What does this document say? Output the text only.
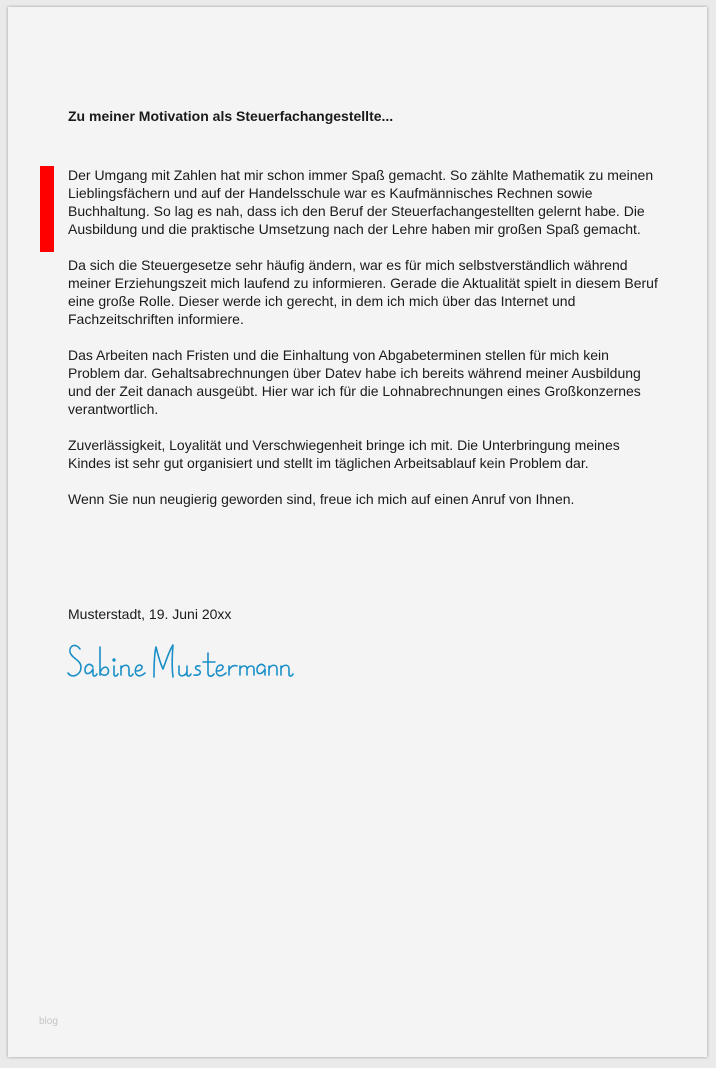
Zu meiner Motivation als Steuerfachangestellte...

Der Umgang mit Zahlen hat mir schon immer Spaß gemacht. So zählte Mathematik zu meinen Lieblingsfächern und auf der Handelsschule war es Kaufmännisches Rechnen sowie Buchhaltung. So lag es nah, dass ich den Beruf der Steuerfachangestellten gelernt habe. Die Ausbildung und die praktische Umsetzung nach der Lehre haben mir großen Spaß gemacht.

Da sich die Steuergesetze sehr häufig ändern, war es für mich selbstverständlich während meiner Erziehungszeit mich laufend zu informieren. Gerade die Aktualität spielt in diesem Beruf eine große Rolle. Dieser werde ich gerecht, in dem ich mich über das Internet und Fachzeitschriften informiere.

Das Arbeiten nach Fristen und die Einhaltung von Abgabeterminen stellen für mich kein Problem dar. Gehaltsabrechnungen über Datev habe ich bereits während meiner Ausbildung und der Zeit danach ausgeübt. Hier war ich für die Lohnabrechnungen eines Großkonzernes verantwortlich.

Zuverlässigkeit, Loyalität und Verschwiegenheit bringe ich mit. Die Unterbringung meines Kindes ist sehr gut organisiert und stellt im täglichen Arbeitsablauf kein Problem dar.

Wenn Sie nun neugierig geworden sind, freue ich mich auf einen Anruf von Ihnen.

Musterstadt, 19. Juni 20xx

blog
